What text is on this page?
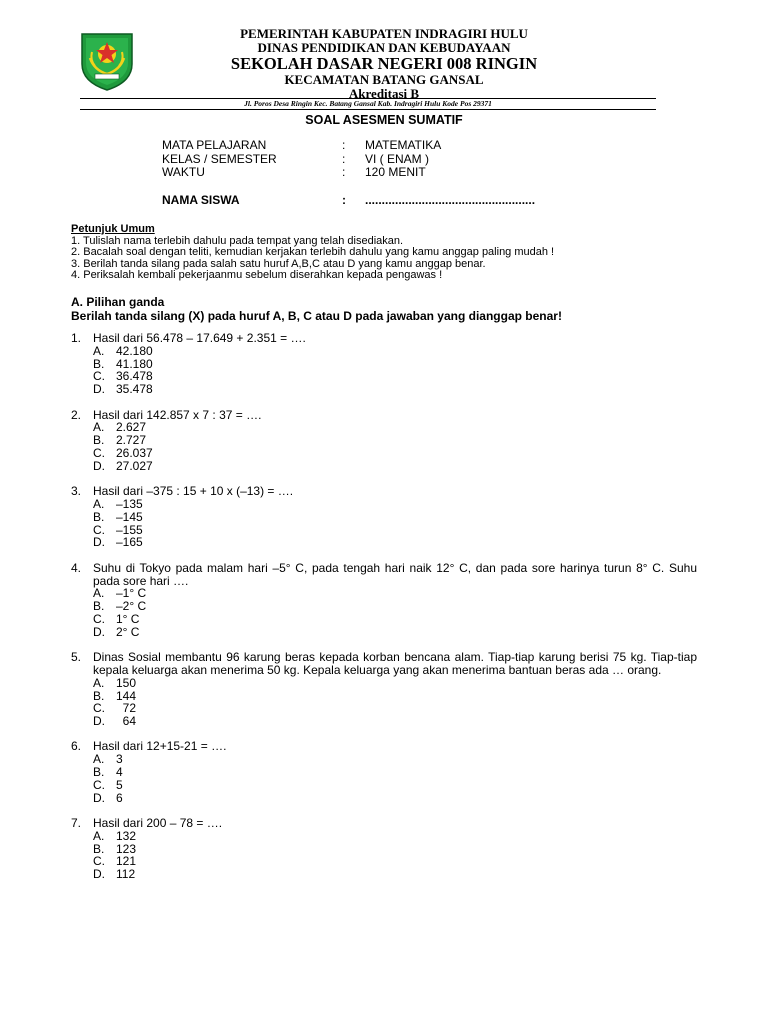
PEMERINTAH KABUPATEN INDRAGIRI HULU
DINAS PENDIDIKAN DAN KEBUDAYAAN
SEKOLAH DASAR NEGERI 008 RINGIN
KECAMATAN BATANG GANSAL
Akreditasi B
Jl. Poros Desa Ringin Kec. Batang Gansal Kab. Indragiri Hulu Kode Pos 29371
SOAL ASESMEN SUMATIF
MATA PELAJARAN	: MATEMATIKA
KELAS / SEMESTER	: VI ( ENAM )
WAKTU	: 120 MENIT
NAMA SISWA	: ...................................................
Petunjuk Umum
1. Tulislah nama terlebih dahulu pada tempat yang telah disediakan.
2. Bacalah soal dengan teliti, kemudian kerjakan terlebih dahulu yang kamu anggap paling mudah !
3. Berilah tanda silang pada salah satu huruf A,B,C atau D yang kamu anggap benar.
4. Periksalah kembali pekerjaanmu sebelum diserahkan kepada pengawas !
A. Pilihan ganda
Berilah tanda silang (X) pada huruf A, B, C atau D pada jawaban yang dianggap benar!
1. Hasil dari 56.478 – 17.649 + 2.351 = ….
A. 42.180
B. 41.180
C. 36.478
D. 35.478
2. Hasil dari 142.857 x 7 : 37 = ….
A. 2.627
B. 2.727
C. 26.037
D. 27.027
3. Hasil dari –375 : 15 + 10 x (–13) = ….
A. –135
B. –145
C. –155
D. –165
4. Suhu di Tokyo pada malam hari –5° C, pada tengah hari naik 12° C, dan pada sore harinya turun 8° C. Suhu pada sore hari ….
A. –1° C
B. –2° C
C. 1° C
D. 2° C
5. Dinas Sosial membantu 96 karung beras kepada korban bencana alam. Tiap-tiap karung berisi 75 kg. Tiap-tiap kepala keluarga akan menerima 50 kg. Kepala keluarga yang akan menerima bantuan beras ada … orang.
A. 150
B. 144
C.  72
D.  64
6. Hasil dari 12+15-21 = ….
A. 3
B. 4
C. 5
D. 6
7. Hasil dari 200 – 78 = ….
A. 132
B. 123
C. 121
D. 112
